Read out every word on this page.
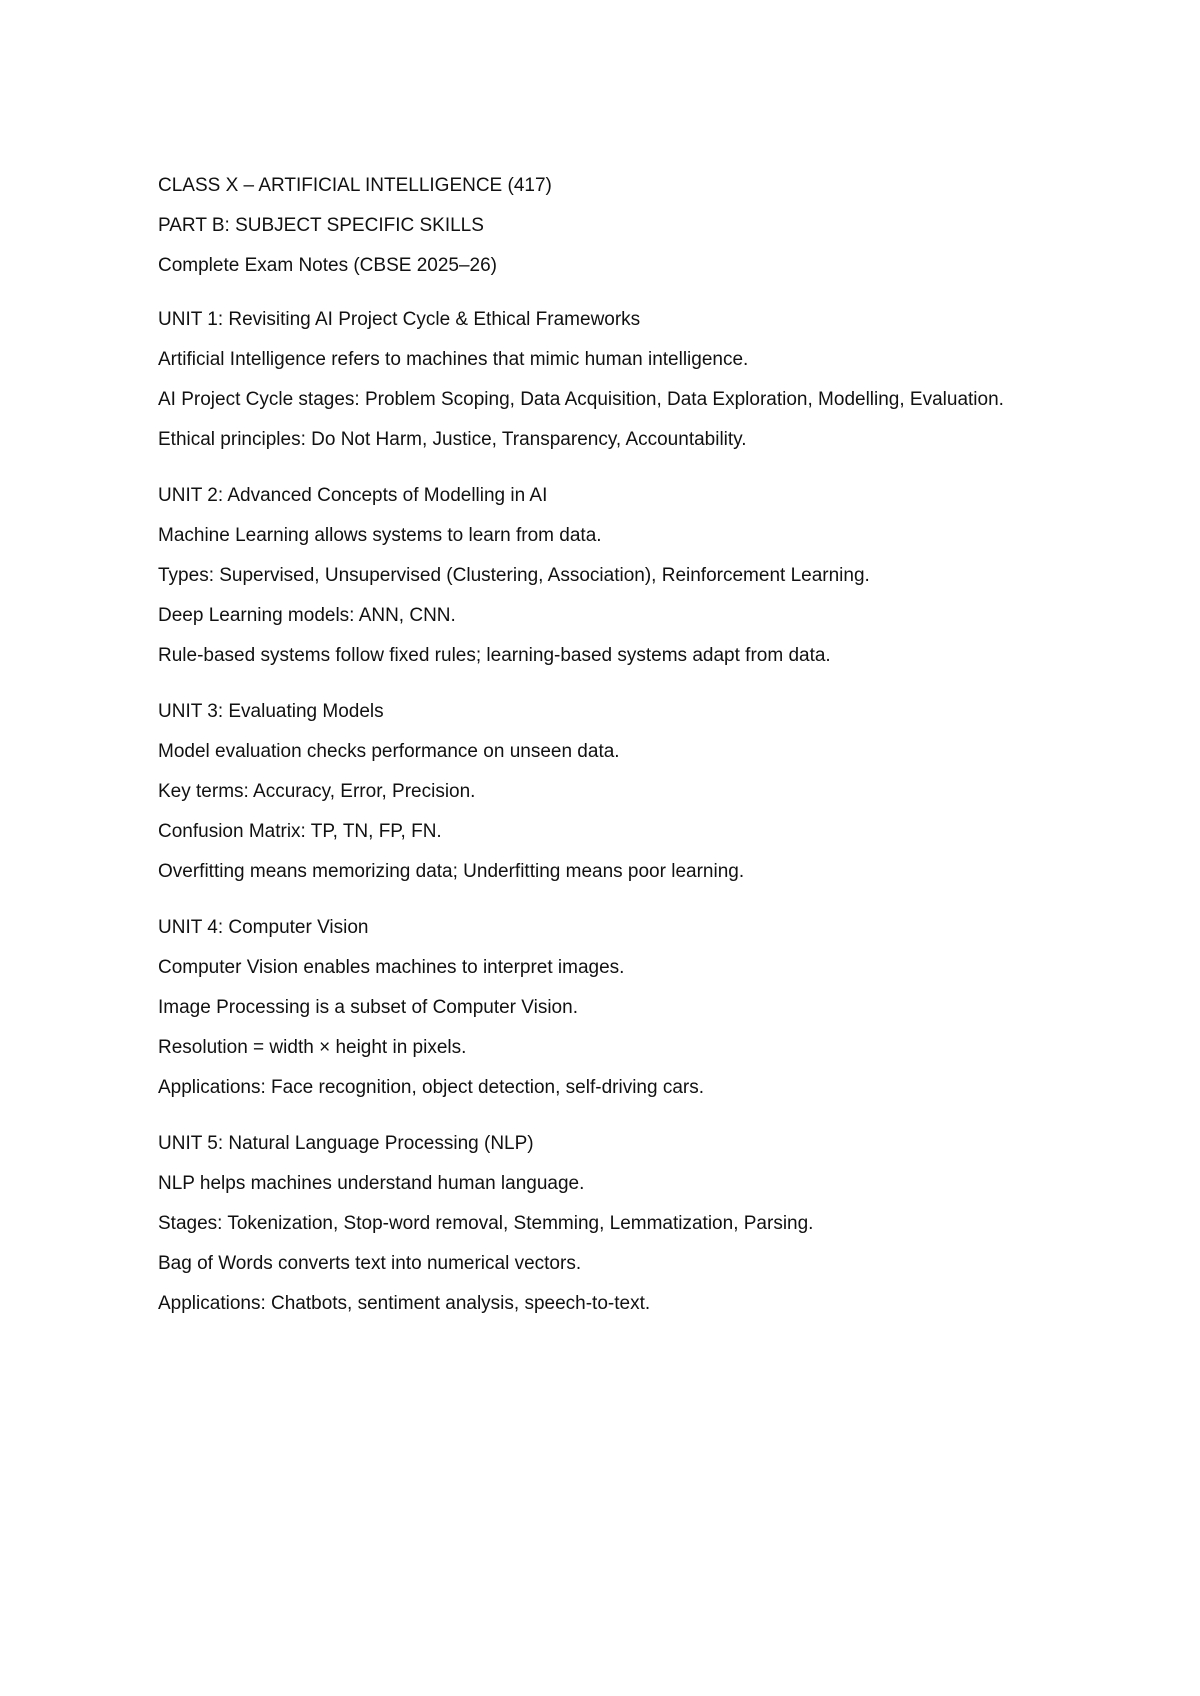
CLASS X – ARTIFICIAL INTELLIGENCE (417)

PART B: SUBJECT SPECIFIC SKILLS

Complete Exam Notes (CBSE 2025–26)

UNIT 1: Revisiting AI Project Cycle & Ethical Frameworks

Artificial Intelligence refers to machines that mimic human intelligence.

AI Project Cycle stages: Problem Scoping, Data Acquisition, Data Exploration, Modelling, Evaluation.

Ethical principles: Do Not Harm, Justice, Transparency, Accountability.

UNIT 2: Advanced Concepts of Modelling in AI

Machine Learning allows systems to learn from data.

Types: Supervised, Unsupervised (Clustering, Association), Reinforcement Learning.

Deep Learning models: ANN, CNN.

Rule-based systems follow fixed rules; learning-based systems adapt from data.

UNIT 3: Evaluating Models

Model evaluation checks performance on unseen data.

Key terms: Accuracy, Error, Precision.

Confusion Matrix: TP, TN, FP, FN.

Overfitting means memorizing data; Underfitting means poor learning.

UNIT 4: Computer Vision

Computer Vision enables machines to interpret images.

Image Processing is a subset of Computer Vision.

Resolution = width × height in pixels.

Applications: Face recognition, object detection, self-driving cars.

UNIT 5: Natural Language Processing (NLP)

NLP helps machines understand human language.

Stages: Tokenization, Stop-word removal, Stemming, Lemmatization, Parsing.

Bag of Words converts text into numerical vectors.

Applications: Chatbots, sentiment analysis, speech-to-text.
